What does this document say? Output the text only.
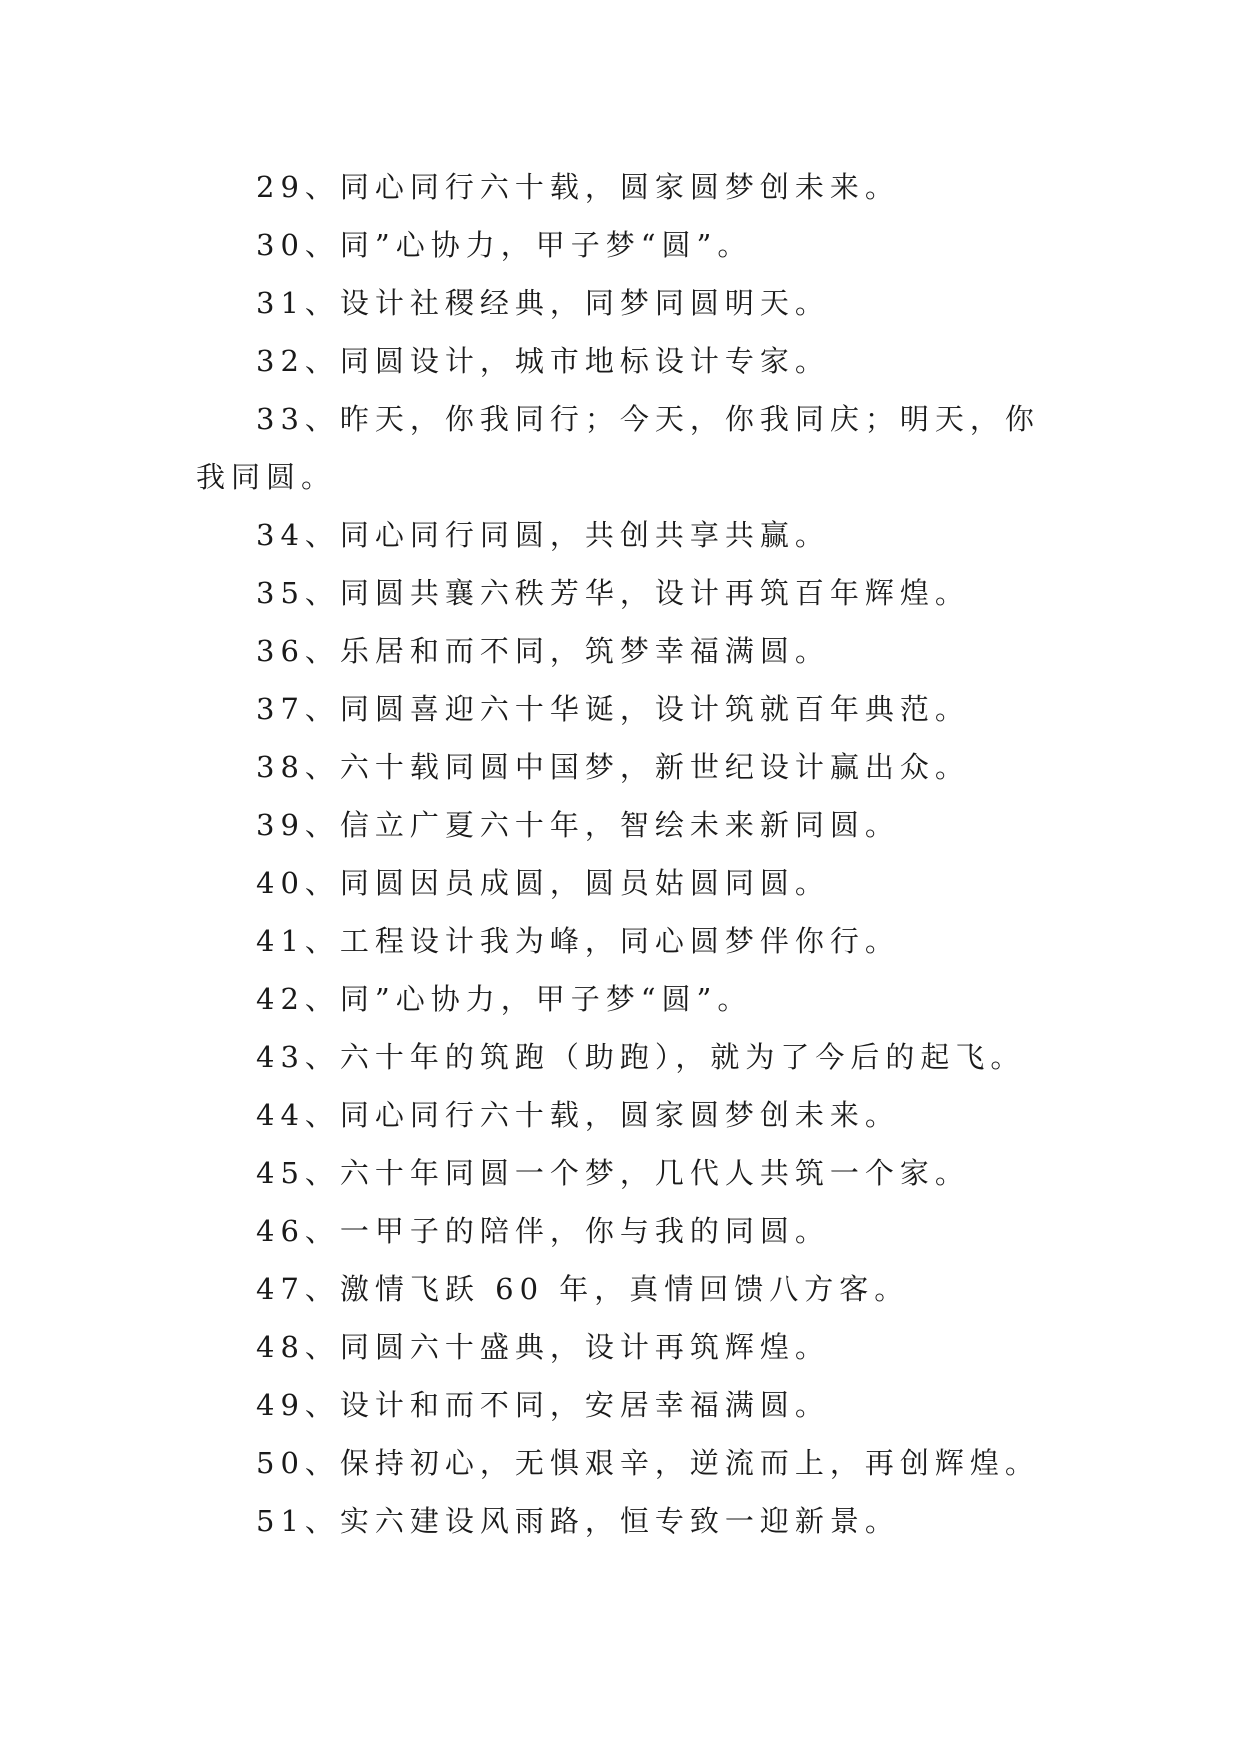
29、同心同行六十载，圆家圆梦创未来。
30、同”心协力，甲子梦“圆”。
31、设计社稷经典，同梦同圆明天。
32、同圆设计，城市地标设计专家。
33、昨天，你我同行；今天，你我同庆；明天，你我同圆。
34、同心同行同圆，共创共享共赢。
35、同圆共襄六秩芳华，设计再筑百年辉煌。
36、乐居和而不同，筑梦幸福满圆。
37、同圆喜迎六十华诞，设计筑就百年典范。
38、六十载同圆中国梦，新世纪设计赢出众。
39、信立广夏六十年，智绘未来新同圆。
40、同圆因员成圆，圆员姑圆同圆。
41、工程设计我为峰，同心圆梦伴你行。
42、同”心协力，甲子梦“圆”。
43、六十年的筑跑（助跑），就为了今后的起飞。
44、同心同行六十载，圆家圆梦创未来。
45、六十年同圆一个梦，几代人共筑一个家。
46、一甲子的陪伴，你与我的同圆。
47、激情飞跃 60 年，真情回馈八方客。
48、同圆六十盛典，设计再筑辉煌。
49、设计和而不同，安居幸福满圆。
50、保持初心，无惧艰辛，逆流而上，再创辉煌。
51、实六建设风雨路，恒专致一迎新景。
